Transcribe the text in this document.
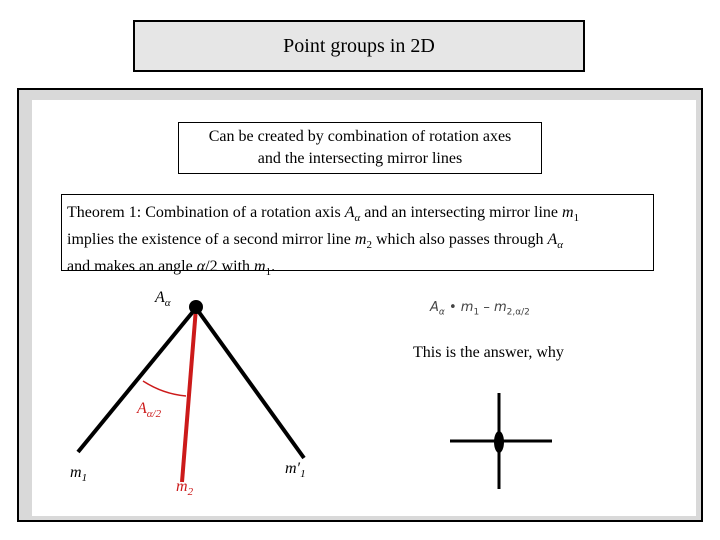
Point groups in 2D
Can be created by combination of rotation axes
and the intersecting mirror lines
Theorem 1: Combination of a rotation axis $A_\alpha$ and an intersecting mirror line $m_1$
implies the existence of a second mirror line $m_2$ which also passes through $A_\alpha$
and makes an angle α/2 with $m_1$.
$A_\alpha$
$A_{\alpha/2}$
$m_1$	$m_2$
$m'_1$
$A_\alpha$ • $m_1 - m_{2,\alpha/2}$
This is the answer, why
